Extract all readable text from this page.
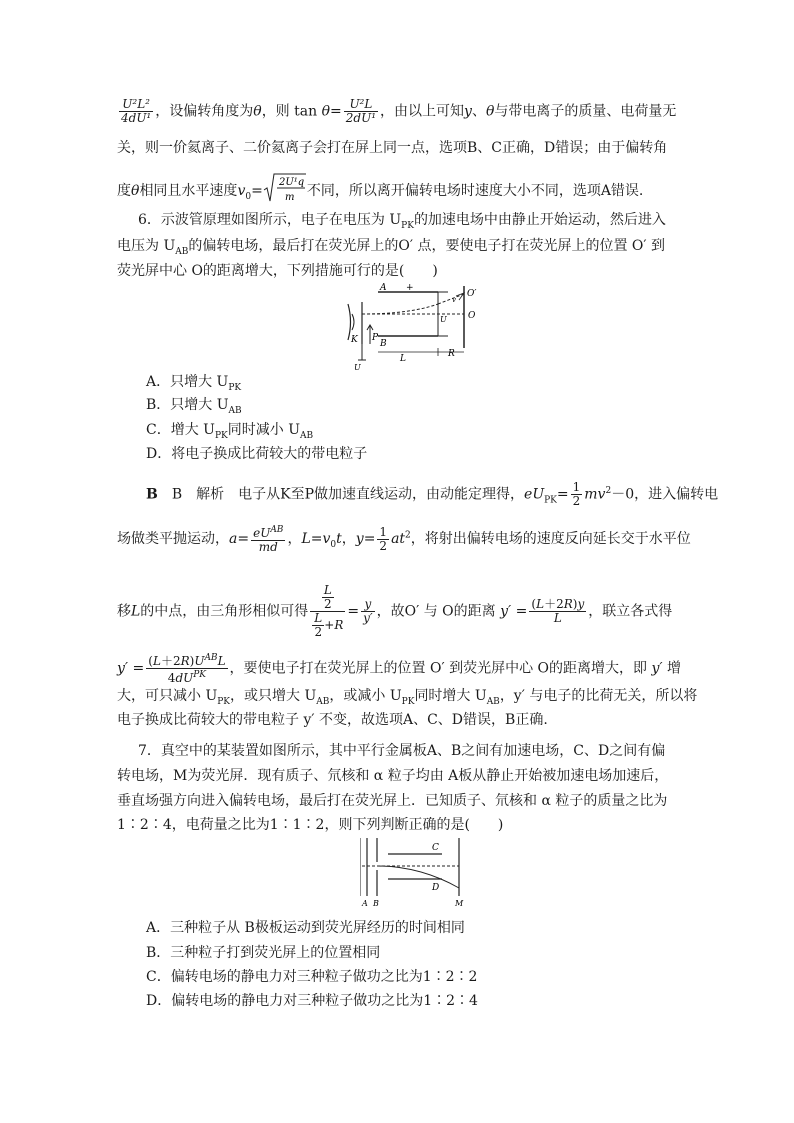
$\frac{\text{U²L²}}{\text{4dU¹}}$ ，设偏转角度为θ，则 $\tan \theta= \frac{\text{U²L}}{\text{2dU¹}}$ ，由以上可知y、θ与带电离子的质量、电荷量无
关，则一价氦离子、二价氦离子会打在屏上同一点，选项B、C正确，D错误；由于偏转角
度θ相同且水平速度$v_0=$
2U¹q
m 不同，所以离开偏转电场时速度大小不同，选项A错误.
6．示波管原理如图所示，电子在电压为 $U_{PK}$的加速电场中由静止开始运动，然后进入
电压为 $U_{AB}$的偏转电场，最后打在荧光屏上的O′ 点，要使电子打在荧光屏上的位置 O′ 到
荧光屏中心 O的距离增大，下列措施可行的是(　　)
A +
B
K P
U
L	R
O′
O
U
v
A．只增大 $U_{PK}$
B．只增大 $U_{AB}$
C．增大 $U_{PK}$同时减小 $U_{AB}$
D．将电子换成比荷较大的带电粒子
B　 B　解析　电子从K至P做加速直线运动，由动能定理得，$eU_{PK}= \frac{1}{2} mv^2-0$，进入偏转电
场做类平抛运动，$a= \frac{eU^{AB}}{md}$ ，$L=v_0t$，$y= \frac{1}{2} at^2$，将射出偏转电场的速度反向延长交于水平位
移L的中点，由三角形相似可得 $\frac{\frac{L}{2}}{\frac{L}{2} +R} = \frac{y}{y'}$ ，故O′ 与 O的距离 $y' = \frac{(L+2R)y}{L}$ ，联立各式得
$y' = \frac{(L+2R)U^{AB}L}{4dU^{PK}}$ ，要使电子打在荧光屏上的位置 O′ 到荧光屏中心 O的距离增大，即 y′ 增
大，可只减小 $U_{PK}$，或只增大 $U_{AB}$，或减小 $U_{PK}$同时增大 $U_{AB}$，y′ 与电子的比荷无关，所以将
电子换成比荷较大的带电粒子 y′ 不变，故选项A、C、D错误，B正确.
7．真空中的某装置如图所示，其中平行金属板A、B之间有加速电场，C、D之间有偏
转电场，M为荧光屏．现有质子、氘核和 α 粒子均由 A板从静止开始被加速电场加速后，
垂直场强方向进入偏转电场，最后打在荧光屏上．已知质子、氘核和 α 粒子的质量之比为
1∶2∶4，电荷量之比为1∶1∶2，则下列判断正确的是(　　)
C
D
A B	M
A．三种粒子从 B极板运动到荧光屏经历的时间相同
B．三种粒子打到荧光屏上的位置相同
C．偏转电场的静电力对三种粒子做功之比为1∶2∶2
D．偏转电场的静电力对三种粒子做功之比为1∶2∶4
